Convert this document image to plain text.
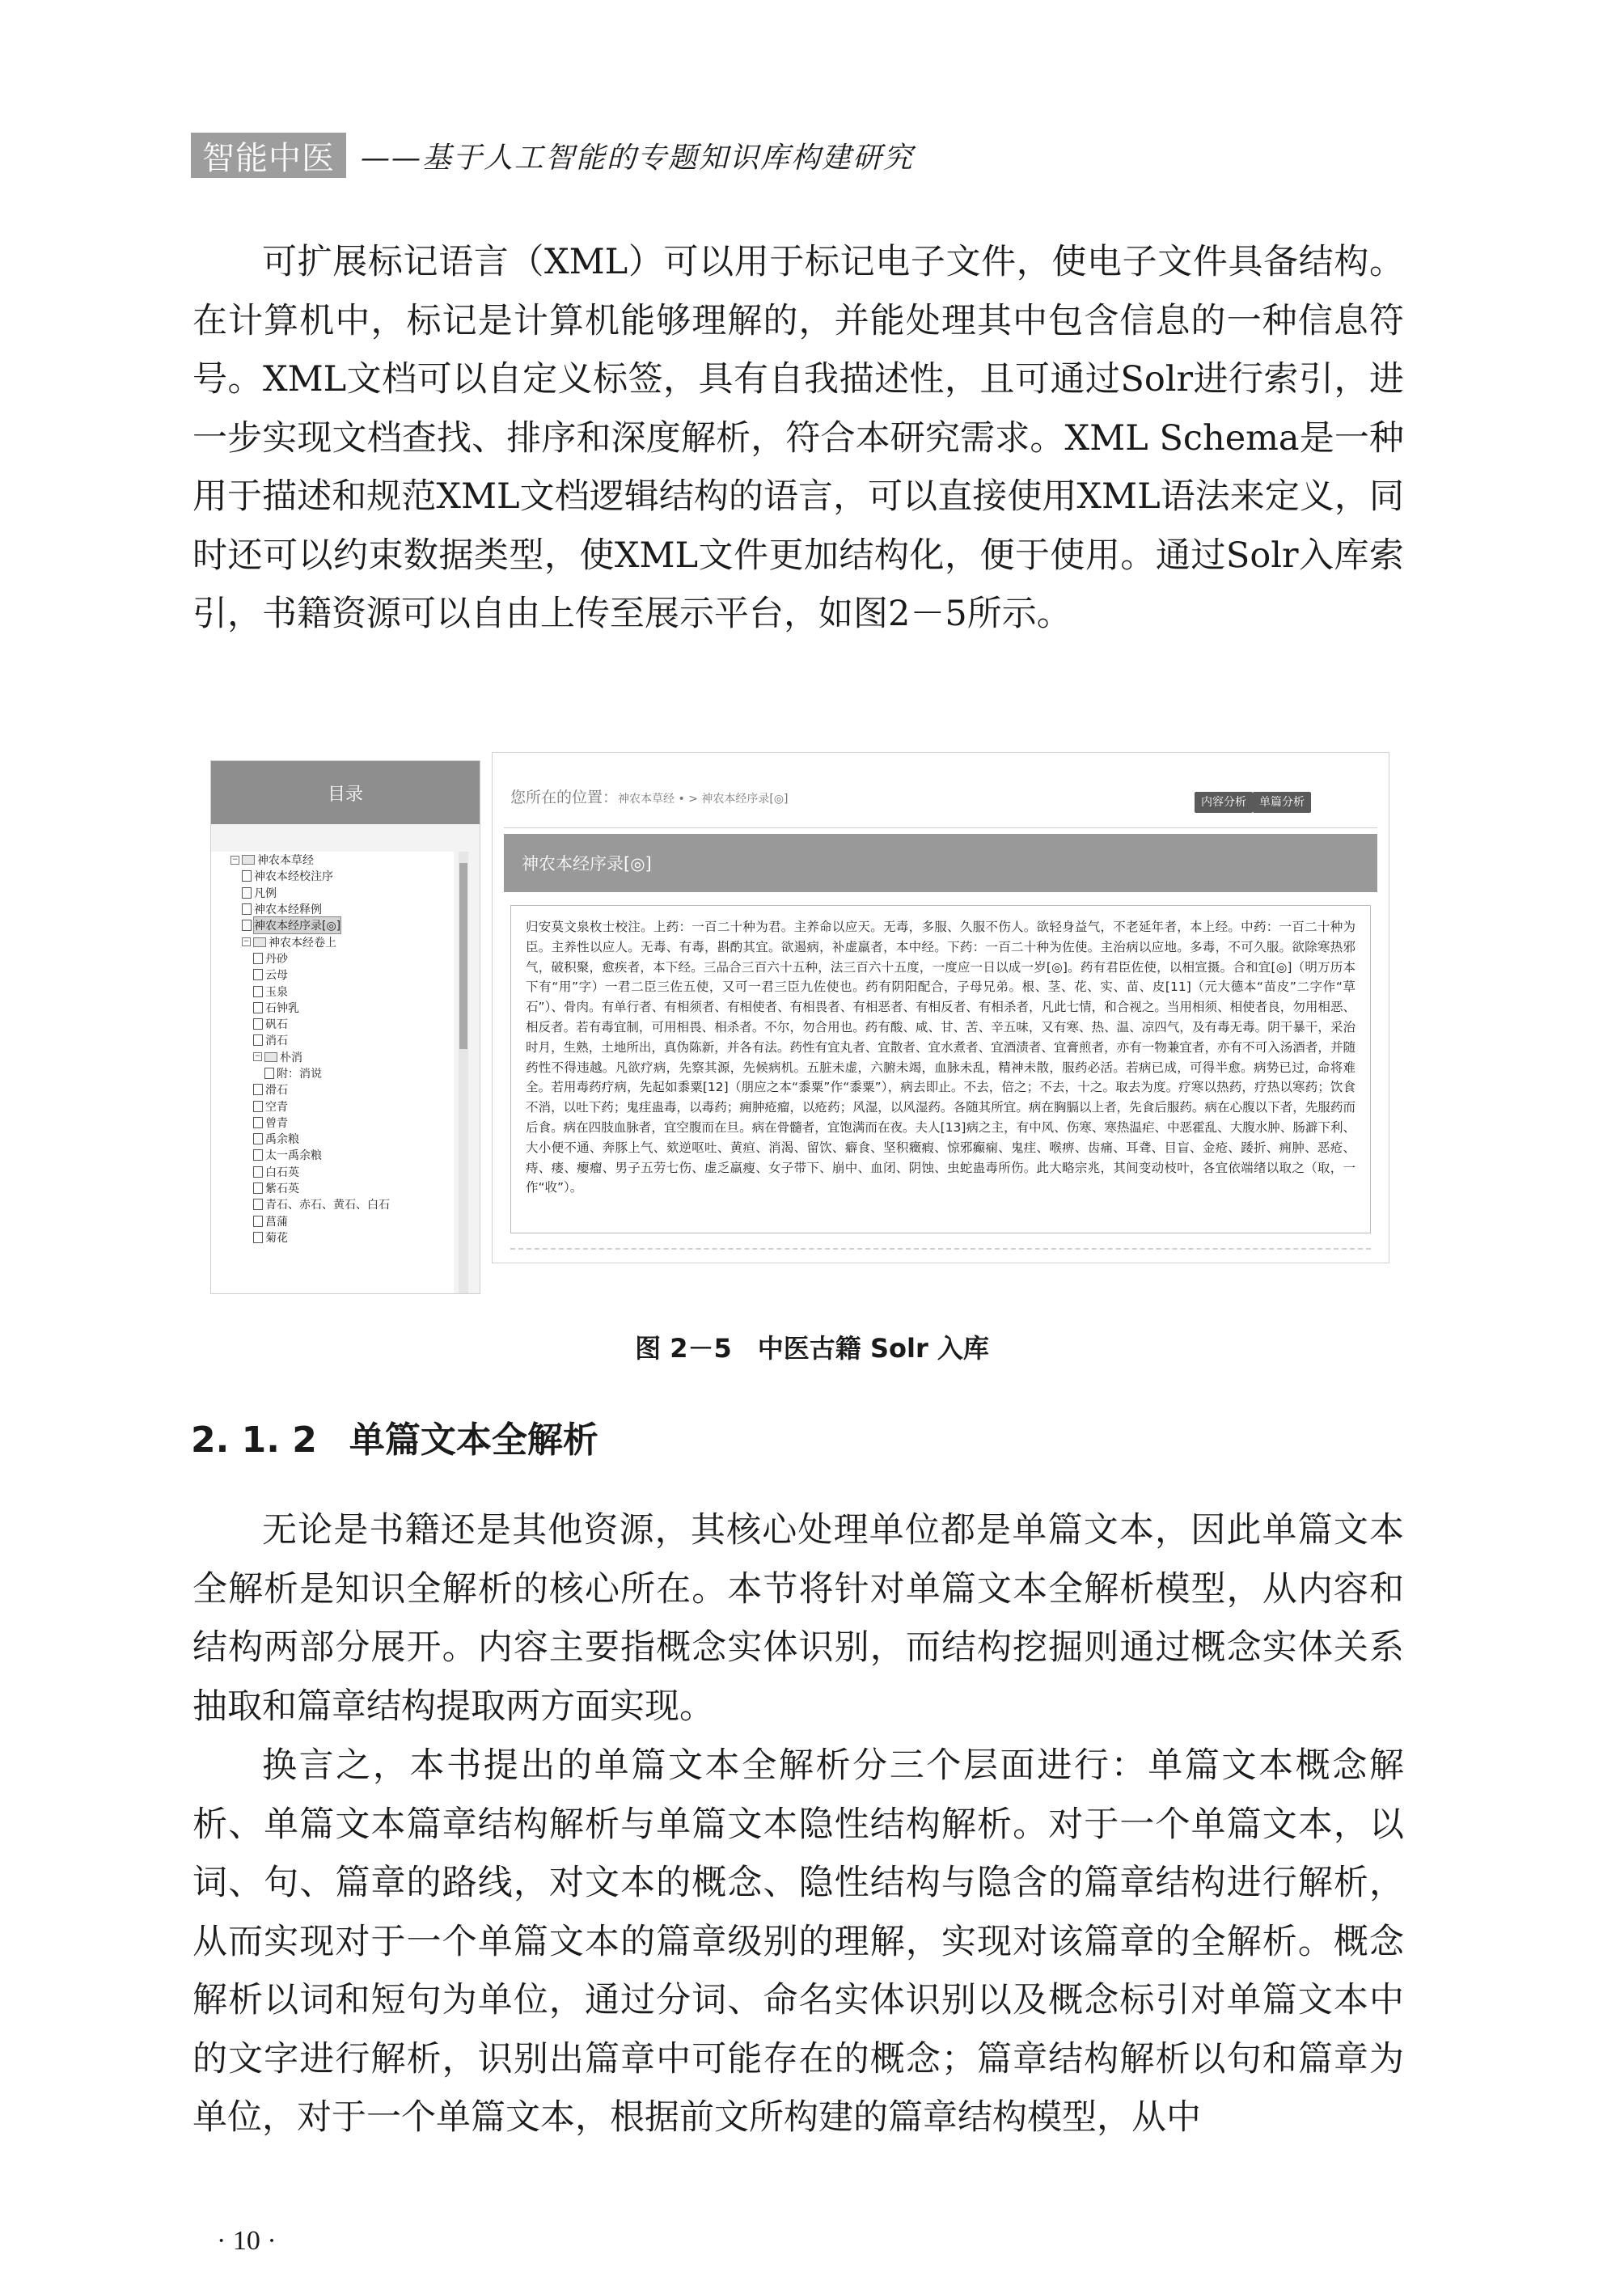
智能中医 ——基于人工智能的专题知识库构建研究

可扩展标记语言（XML）可以用于标记电子文件，使电子文件具备结构。在计算机中，标记是计算机能够理解的，并能处理其中包含信息的一种信息符号。XML文档可以自定义标签，具有自我描述性，且可通过Solr进行索引，进一步实现文档查找、排序和深度解析，符合本研究需求。XML Schema是一种用于描述和规范XML文档逻辑结构的语言，可以直接使用XML语法来定义，同时还可以约束数据类型，使XML文件更加结构化，便于使用。通过Solr入库索引，书籍资源可以自由上传至展示平台，如图2－5所示。

目录
− 神农本草经
神农本经校注序
凡例
神农本经释例
神农本经序录[◎]
− 神农本经卷上
丹砂
云母
玉泉
石钟乳
矾石
消石
− 朴消
附：消说
滑石
空青
曾青
禹余粮
太一禹余粮
白石英
紫石英
青石、赤石、黄石、白石
菖蒲
菊花
您所在的位置：神农本草经 • > 神农本经序录[◎]	内容分析	单篇分析
神农本经序录[◎]

归安莫文泉枚士校注。上药：一百二十种为君。主养命以应天。无毒，多服、久服不伤人。欲轻身益气，不老延年者，本上经。中药：一百二十种为臣。主养性以应人。无毒、有毒，斟酌其宜。欲遏病，补虚羸者，本中经。下药：一百二十种为佐使。主治病以应地。多毒，不可久服。欲除寒热邪气，破积聚，愈疾者，本下经。三品合三百六十五种，法三百六十五度，一度应一日以成一岁[◎]。药有君臣佐使，以相宣摄。合和宜[◎]（明万历本下有“用”字）一君二臣三佐五使，又可一君三臣九佐使也。药有阴阳配合，子母兄弟。根、茎、花、实、苗、皮[11]（元大德本“苗皮”二字作“草石”）、骨肉。有单行者、有相须者、有相使者、有相畏者、有相恶者、有相反者、有相杀者，凡此七情，和合视之。当用相须、相使者良，勿用相恶、相反者。若有毒宜制，可用相畏、相杀者。不尔，勿合用也。药有酸、咸、甘、苦、辛五味，又有寒、热、温、凉四气，及有毒无毒。阴干暴干，采治时月，生熟，土地所出，真伪陈新，并各有法。药性有宜丸者、宜散者、宜水煮者、宜酒渍者、宜膏煎者，亦有一物兼宜者，亦有不可入汤酒者，并随药性不得违越。凡欲疗病，先察其源，先候病机。五脏未虚，六腑未竭，血脉未乱，精神未散，服药必活。若病已成，可得半愈。病势已过，命将难全。若用毒药疗病，先起如黍粟[12]（朋应之本“黍粟”作“黍粟”），病去即止。不去，倍之；不去，十之。取去为度。疗寒以热药，疗热以寒药；饮食不消，以吐下药；鬼疰蛊毒，以毒药；痈肿疮瘤，以疮药；风湿，以风湿药。各随其所宜。病在胸膈以上者，先食后服药。病在心腹以下者，先服药而后食。病在四肢血脉者，宜空腹而在旦。病在骨髓者，宜饱满而在夜。夫人[13]病之主，有中风、伤寒、寒热温疟、中恶霍乱、大腹水肿、肠澼下利、大小便不通、奔豚上气、欬逆呕吐、黄疸、消渴、留饮、癖食、坚积癥瘕、惊邪癫痫、鬼疰、喉痹、齿痛、耳聋、目盲、金疮、踒折、痈肿、恶疮、痔、瘘、瘿瘤、男子五劳七伤、虚乏羸瘦、女子带下、崩中、血闭、阴蚀、虫蛇蛊毒所伤。此大略宗兆，其间变动枝叶，各宜依端绪以取之（取，一作“收”）。

图 2－5　中医古籍 Solr 入库
2. 1. 2 单篇文本全解析

无论是书籍还是其他资源，其核心处理单位都是单篇文本，因此单篇文本全解析是知识全解析的核心所在。本节将针对单篇文本全解析模型，从内容和结构两部分展开。内容主要指概念实体识别，而结构挖掘则通过概念实体关系抽取和篇章结构提取两方面实现。

换言之，本书提出的单篇文本全解析分三个层面进行：单篇文本概念解析、单篇文本篇章结构解析与单篇文本隐性结构解析。对于一个单篇文本，以词、句、篇章的路线，对文本的概念、隐性结构与隐含的篇章结构进行解析，从而实现对于一个单篇文本的篇章级别的理解，实现对该篇章的全解析。概念解析以词和短句为单位，通过分词、命名实体识别以及概念标引对单篇文本中的文字进行解析，识别出篇章中可能存在的概念；篇章结构解析以句和篇章为单位，对于一个单篇文本，根据前文所构建的篇章结构模型，从中

· 10 ·
